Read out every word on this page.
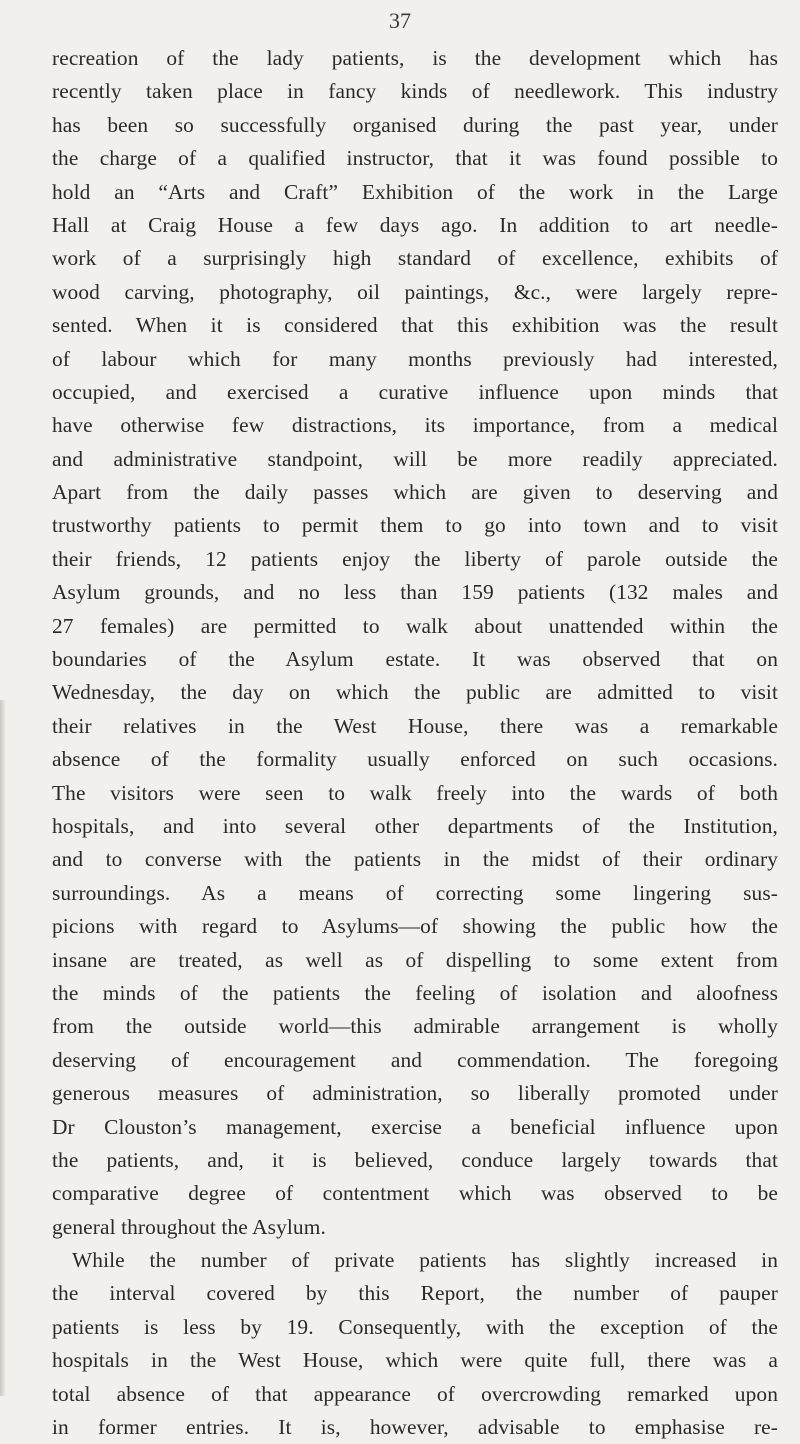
37
recreation of the lady patients, is the development which has
recently taken place in fancy kinds of needlework. This industry
has been so successfully organised during the past year, under
the charge of a qualified instructor, that it was found possible to
hold an “Arts and Craft” Exhibition of the work in the Large
Hall at Craig House a few days ago. In addition to art needle-
work of a surprisingly high standard of excellence, exhibits of
wood carving, photography, oil paintings, &c., were largely repre-
sented. When it is considered that this exhibition was the result
of labour which for many months previously had interested,
occupied, and exercised a curative influence upon minds that
have otherwise few distractions, its importance, from a medical
and administrative standpoint, will be more readily appreciated.
Apart from the daily passes which are given to deserving and
trustworthy patients to permit them to go into town and to visit
their friends, 12 patients enjoy the liberty of parole outside the
Asylum grounds, and no less than 159 patients (132 males and
27 females) are permitted to walk about unattended within the
boundaries of the Asylum estate. It was observed that on
Wednesday, the day on which the public are admitted to visit
their relatives in the West House, there was a remarkable
absence of the formality usually enforced on such occasions.
The visitors were seen to walk freely into the wards of both
hospitals, and into several other departments of the Institution,
and to converse with the patients in the midst of their ordinary
surroundings. As a means of correcting some lingering sus-
picions with regard to Asylums—of showing the public how the
insane are treated, as well as of dispelling to some extent from
the minds of the patients the feeling of isolation and aloofness
from the outside world—this admirable arrangement is wholly
deserving of encouragement and commendation. The foregoing
generous measures of administration, so liberally promoted under
Dr Clouston’s management, exercise a beneficial influence upon
the patients, and, it is believed, conduce largely towards that
comparative degree of contentment which was observed to be
general throughout the Asylum.
While the number of private patients has slightly increased in
the interval covered by this Report, the number of pauper
patients is less by 19. Consequently, with the exception of the
hospitals in the West House, which were quite full, there was a
total absence of that appearance of overcrowding remarked upon
in former entries. It is, however, advisable to emphasise re-
